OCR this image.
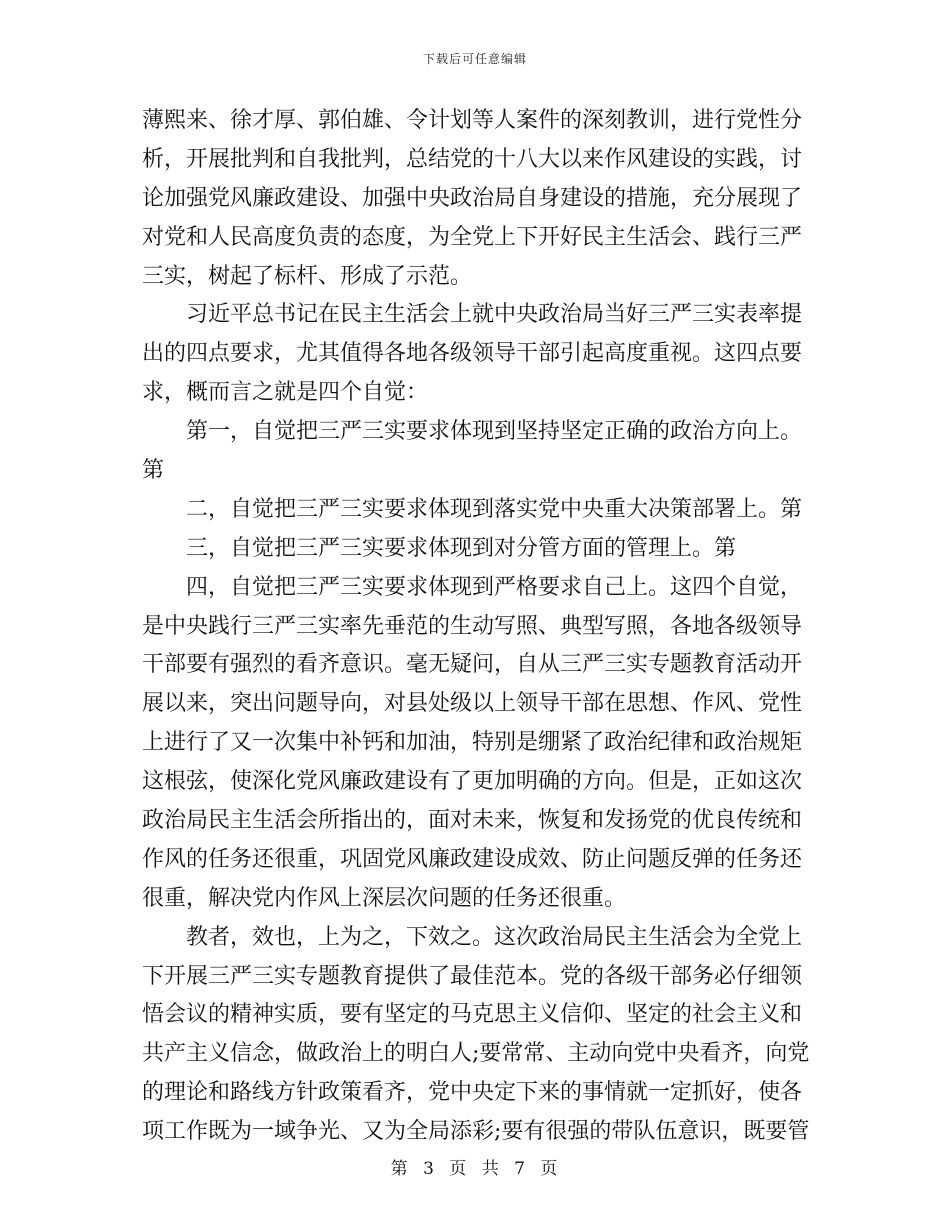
下载后可任意编辑
薄熙来、徐才厚、郭伯雄、令计划等人案件的深刻教训，进行党性分
析，开展批判和自我批判，总结党的十八大以来作风建设的实践，讨
论加强党风廉政建设、加强中央政治局自身建设的措施，充分展现了
对党和人民高度负责的态度，为全党上下开好民主生活会、践行三严
三实，树起了标杆、形成了示范。
习近平总书记在民主生活会上就中央政治局当好三严三实表率提
出的四点要求，尤其值得各地各级领导干部引起高度重视。这四点要
求，概而言之就是四个自觉：
第一，自觉把三严三实要求体现到坚持坚定正确的政治方向上。
第
二，自觉把三严三实要求体现到落实党中央重大决策部署上。第
三，自觉把三严三实要求体现到对分管方面的管理上。第
四，自觉把三严三实要求体现到严格要求自己上。这四个自觉，
是中央践行三严三实率先垂范的生动写照、典型写照，各地各级领导
干部要有强烈的看齐意识。毫无疑问，自从三严三实专题教育活动开
展以来，突出问题导向，对县处级以上领导干部在思想、作风、党性
上进行了又一次集中补钙和加油，特别是绷紧了政治纪律和政治规矩
这根弦，使深化党风廉政建设有了更加明确的方向。但是，正如这次
政治局民主生活会所指出的，面对未来，恢复和发扬党的优良传统和
作风的任务还很重，巩固党风廉政建设成效、防止问题反弹的任务还
很重，解决党内作风上深层次问题的任务还很重。
教者，效也，上为之，下效之。这次政治局民主生活会为全党上
下开展三严三实专题教育提供了最佳范本。党的各级干部务必仔细领
悟会议的精神实质，要有坚定的马克思主义信仰、坚定的社会主义和
共产主义信念，做政治上的明白人;要常常、主动向党中央看齐，向党
的理论和路线方针政策看齐，党中央定下来的事情就一定抓好，使各
项工作既为一域争光、又为全局添彩;要有很强的带队伍意识，既要管
第 3 页 共 7 页
